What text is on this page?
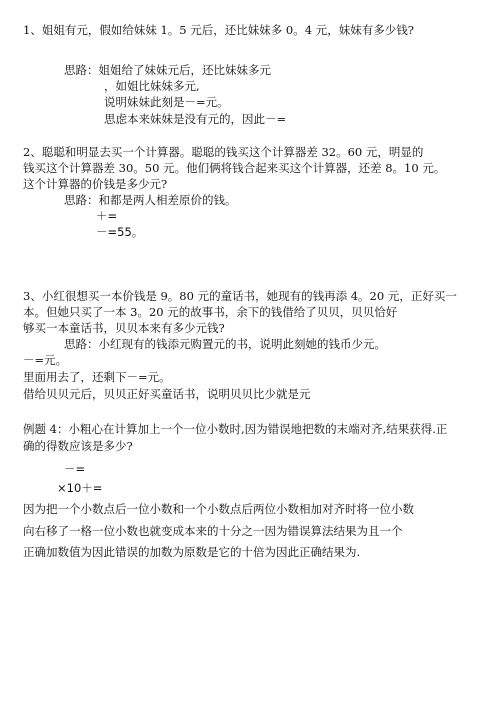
1、姐姐有元，假如给妹妹 1。5 元后，还比妹妹多 0。4 元，妹妹有多少钱?
思路：姐姐给了妹妹元后，还比妹妹多元
，如姐比妹妹多元,
说明妹妹此刻是－=元。
思虑本来妹妹是没有元的，因此－=
2、聪聪和明显去买一个计算器。聪聪的钱买这个计算器差 32。60 元，明显的
钱买这个计算器差 30。50 元。他们俩将钱合起来买这个计算器，还差 8。10 元。
这个计算器的价钱是多少元?
思路：和都是两人相差原价的钱。
＋=
－=55。
3、小红很想买一本价钱是 9。80 元的童话书，她现有的钱再添 4。20 元，正好买一
本。但她只买了一本 3。20 元的故事书，余下的钱借给了贝贝，贝贝恰好
够买一本童话书，贝贝本来有多少元钱?
思路：小红现有的钱添元购置元的书，说明此刻她的钱币少元。
－=元。
里面用去了，还剩下－=元。
借给贝贝元后，贝贝正好买童话书，说明贝贝比少就是元
例题 4：小粗心在计算加上一个一位小数时,因为错误地把数的末端对齐,结果获得.正
确的得数应该是多少?
－=
×10＋=
因为把一个小数点后一位小数和一个小数点后两位小数相加对齐时将一位小数
向右移了一格一位小数也就变成本来的十分之一因为错误算法结果为且一个
正确加数值为因此错误的加数为原数是它的十倍为因此正确结果为.
